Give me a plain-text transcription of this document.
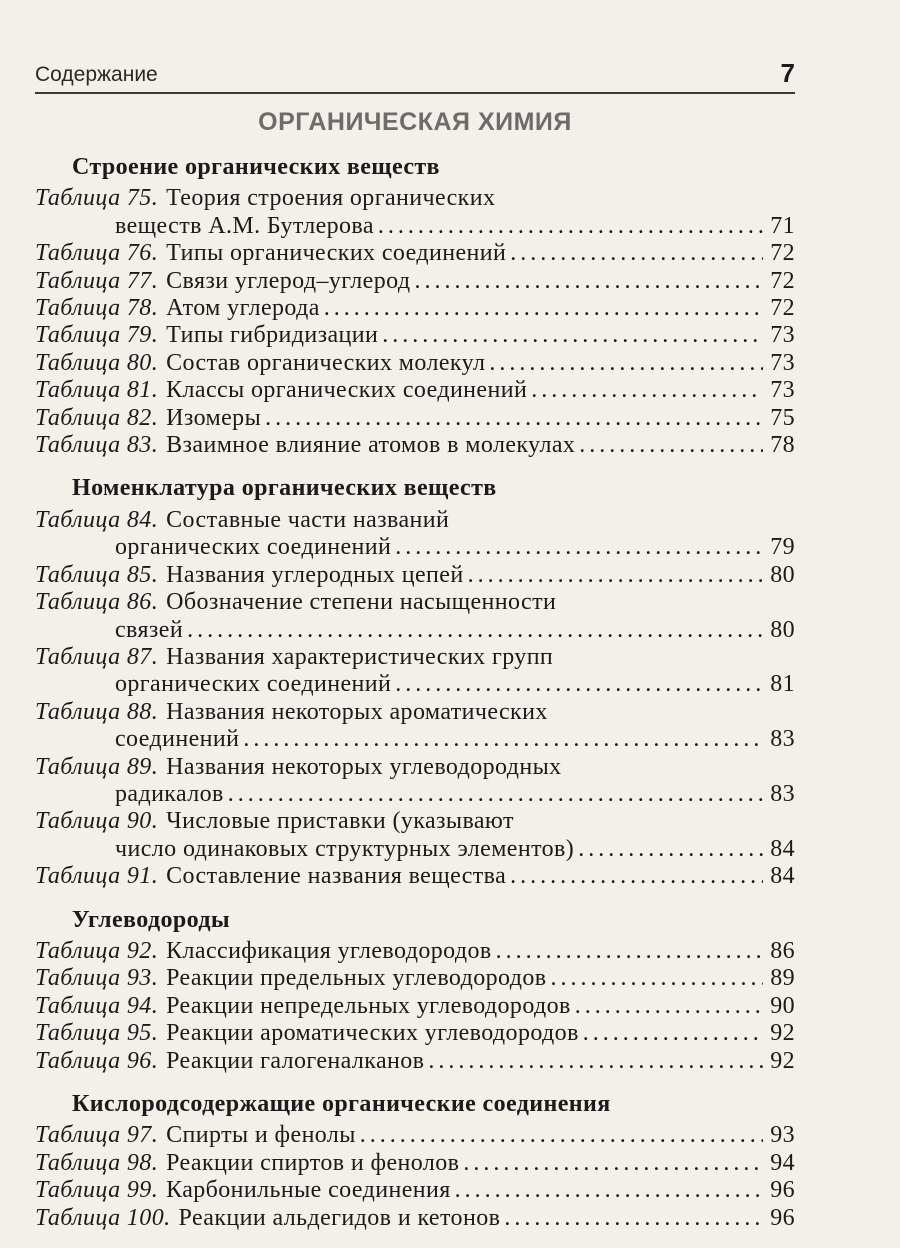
Содержание	7
ОРГАНИЧЕСКАЯ ХИМИЯ
Строение органических веществ
Таблица 75. Теория строения органических
веществ А.М. Бутлерова . . .	71
Таблица 76. Типы органических соединений . . .	72
Таблица 77. Связи углерод–углерод . . .	72
Таблица 78. Атом углерода . . .	72
Таблица 79. Типы гибридизации . . .	73
Таблица 80. Состав органических молекул . . .	73
Таблица 81. Классы органических соединений . . .	73
Таблица 82. Изомеры . . .	75
Таблица 83. Взаимное влияние атомов в молекулах . . .	78
Номенклатура органических веществ
Таблица 84. Составные части названий
органических соединений . . .	79
Таблица 85. Названия углеродных цепей . . .	80
Таблица 86. Обозначение степени насыщенности
связей . . .	80
Таблица 87. Названия характеристических групп
органических соединений . . .	81
Таблица 88. Названия некоторых ароматических
соединений . . .	83
Таблица 89. Названия некоторых углеводородных
радикалов . . .	83
Таблица 90. Числовые приставки (указывают
число одинаковых структурных элементов) . . .	84
Таблица 91. Составление названия вещества . . .	84
Углеводороды
Таблица 92. Классификация углеводородов . . .	86
Таблица 93. Реакции предельных углеводородов . . .	89
Таблица 94. Реакции непредельных углеводородов . . .	90
Таблица 95. Реакции ароматических углеводородов . . .	92
Таблица 96. Реакции галогеналканов . . .	92
Кислородсодержащие органические соединения
Таблица 97. Спирты и фенолы . . .	93
Таблица 98. Реакции спиртов и фенолов . . .	94
Таблица 99. Карбонильные соединения . . .	96
Таблица 100. Реакции альдегидов и кетонов . . .	96
